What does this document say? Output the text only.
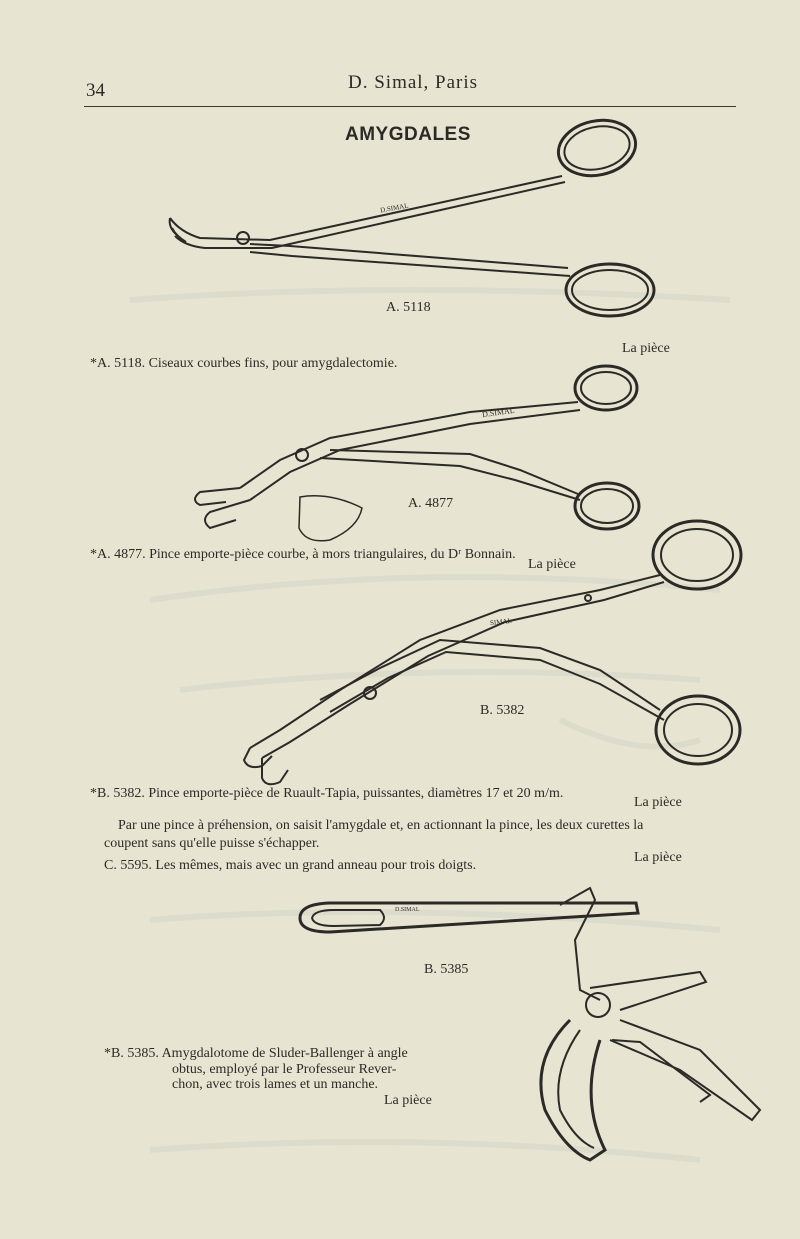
34	D. Simal, Paris
AMYGDALES
A. 5118
*A. 5118. Ciseaux courbes fins, pour amygdalectomie.
La pièce
A. 4877
*A. 4877. Pince emporte-pièce courbe, à mors triangulaires, du Dʳ Bonnain.
La pièce
B. 5382
*B. 5382. Pince emporte-pièce de Ruault-Tapia, puissantes, diamètres 17 et 20 m/m.
La pièce
Par une pince à préhension, on saisit l'amygdale et, en actionnant la pince, les deux curettes la
coupent sans qu'elle puisse s'échapper.
C. 5595. Les mêmes, mais avec un grand anneau pour trois doigts.
La pièce
B. 5385
*B. 5385. Amygdalotome de Sluder-Ballenger à angle
obtus, employé par le Professeur Rever-
chon, avec trois lames et un manche.
La pièce
D.SIMAL
D.SIMAL
SIMAL
D.SIMAL
